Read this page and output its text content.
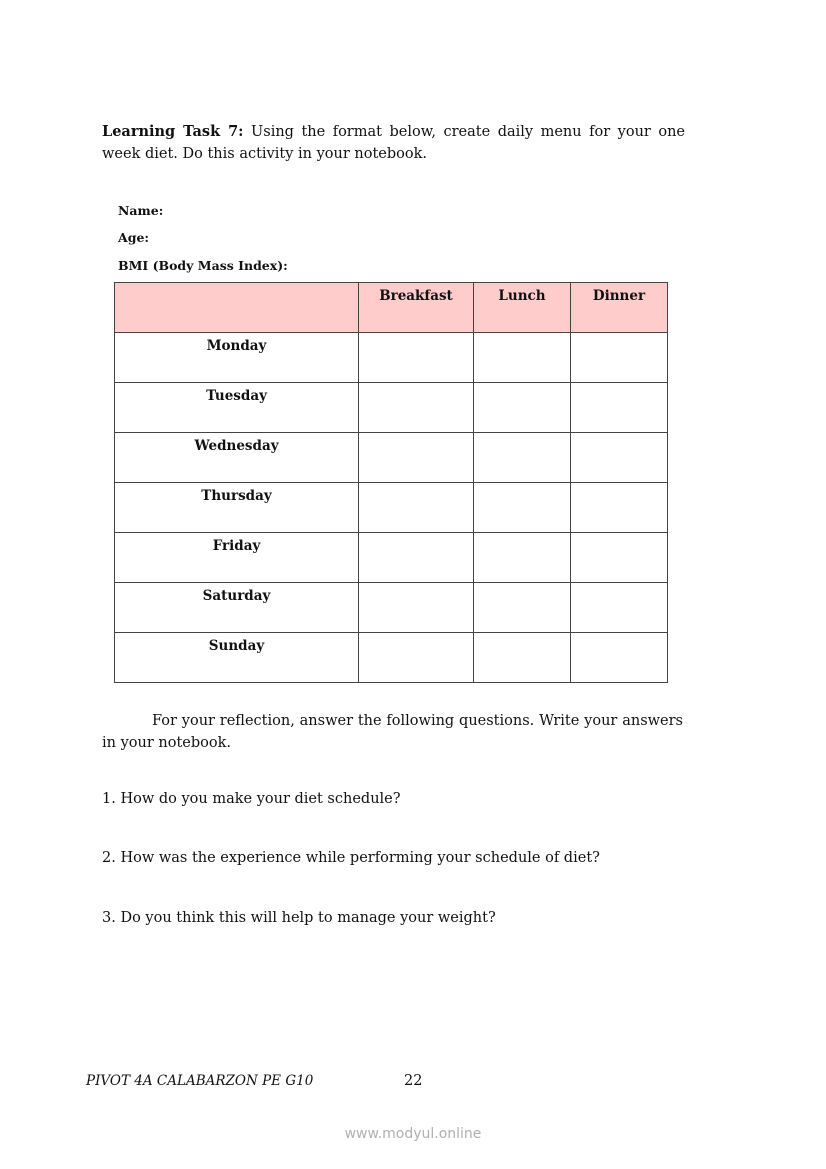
Learning Task 7: Using the format below, create daily menu for your one week diet. Do this activity in your notebook.
Name:
Age:
BMI (Body Mass Index):
	Breakfast	Lunch	Dinner
Monday			
Tuesday			
Wednesday			
Thursday			
Friday			
Saturday			
Sunday			
For your reflection, answer the following questions. Write your answers in your notebook.
1. How do you make your diet schedule?
2. How was the experience while performing your schedule of diet?
3. Do you think this will help to manage your weight?
PIVOT 4A CALABARZON PE G10	22
www.modyul.online
